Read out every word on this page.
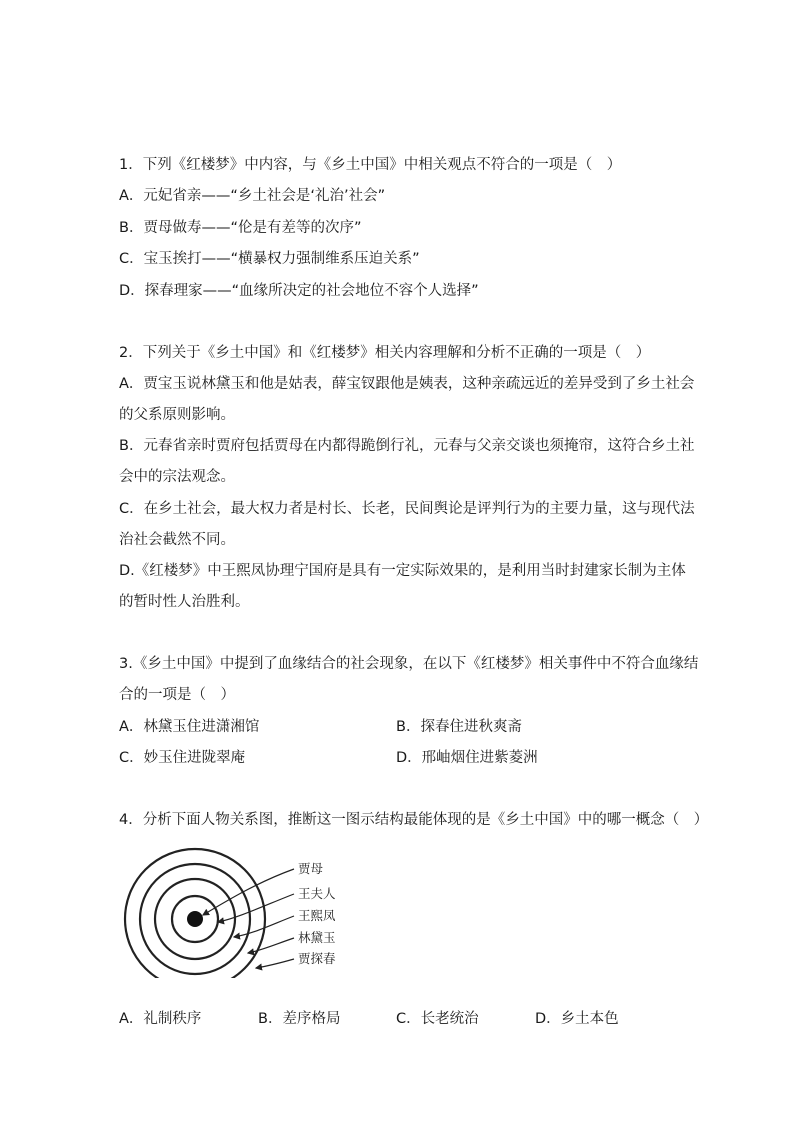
1．下列《红楼梦》中内容，与《乡土中国》中相关观点不符合的一项是（　）
A．元妃省亲——“乡土社会是‘礼治’社会”
B．贾母做寿——“伦是有差等的次序”
C．宝玉挨打——“横暴权力强制维系压迫关系”
D．探春理家——“血缘所决定的社会地位不容个人选择”
2．下列关于《乡土中国》和《红楼梦》相关内容理解和分析不正确的一项是（　）
A．贾宝玉说林黛玉和他是姑表，薛宝钗跟他是姨表，这种亲疏远近的差异受到了乡土社会
的父系原则影响。
B．元春省亲时贾府包括贾母在内都得跪倒行礼，元春与父亲交谈也须掩帘，这符合乡土社
会中的宗法观念。
C．在乡土社会，最大权力者是村长、长老，民间舆论是评判行为的主要力量，这与现代法
治社会截然不同。
D.《红楼梦》中王熙凤协理宁国府是具有一定实际效果的，是利用当时封建家长制为主体
的暂时性人治胜利。
3.《乡土中国》中提到了血缘结合的社会现象，在以下《红楼梦》相关事件中不符合血缘结
合的一项是（　）
A．林黛玉住进潇湘馆	B．探春住进秋爽斋
C．妙玉住进陇翠庵	D．邢岫烟住进紫菱洲
4．分析下面人物关系图，推断这一图示结构最能体现的是《乡土中国》中的哪一概念（　）
贾母
王夫人
王熙凤
林黛玉
贾探春
A．礼制秩序	B．差序格局	C．长老统治	D．乡土本色
